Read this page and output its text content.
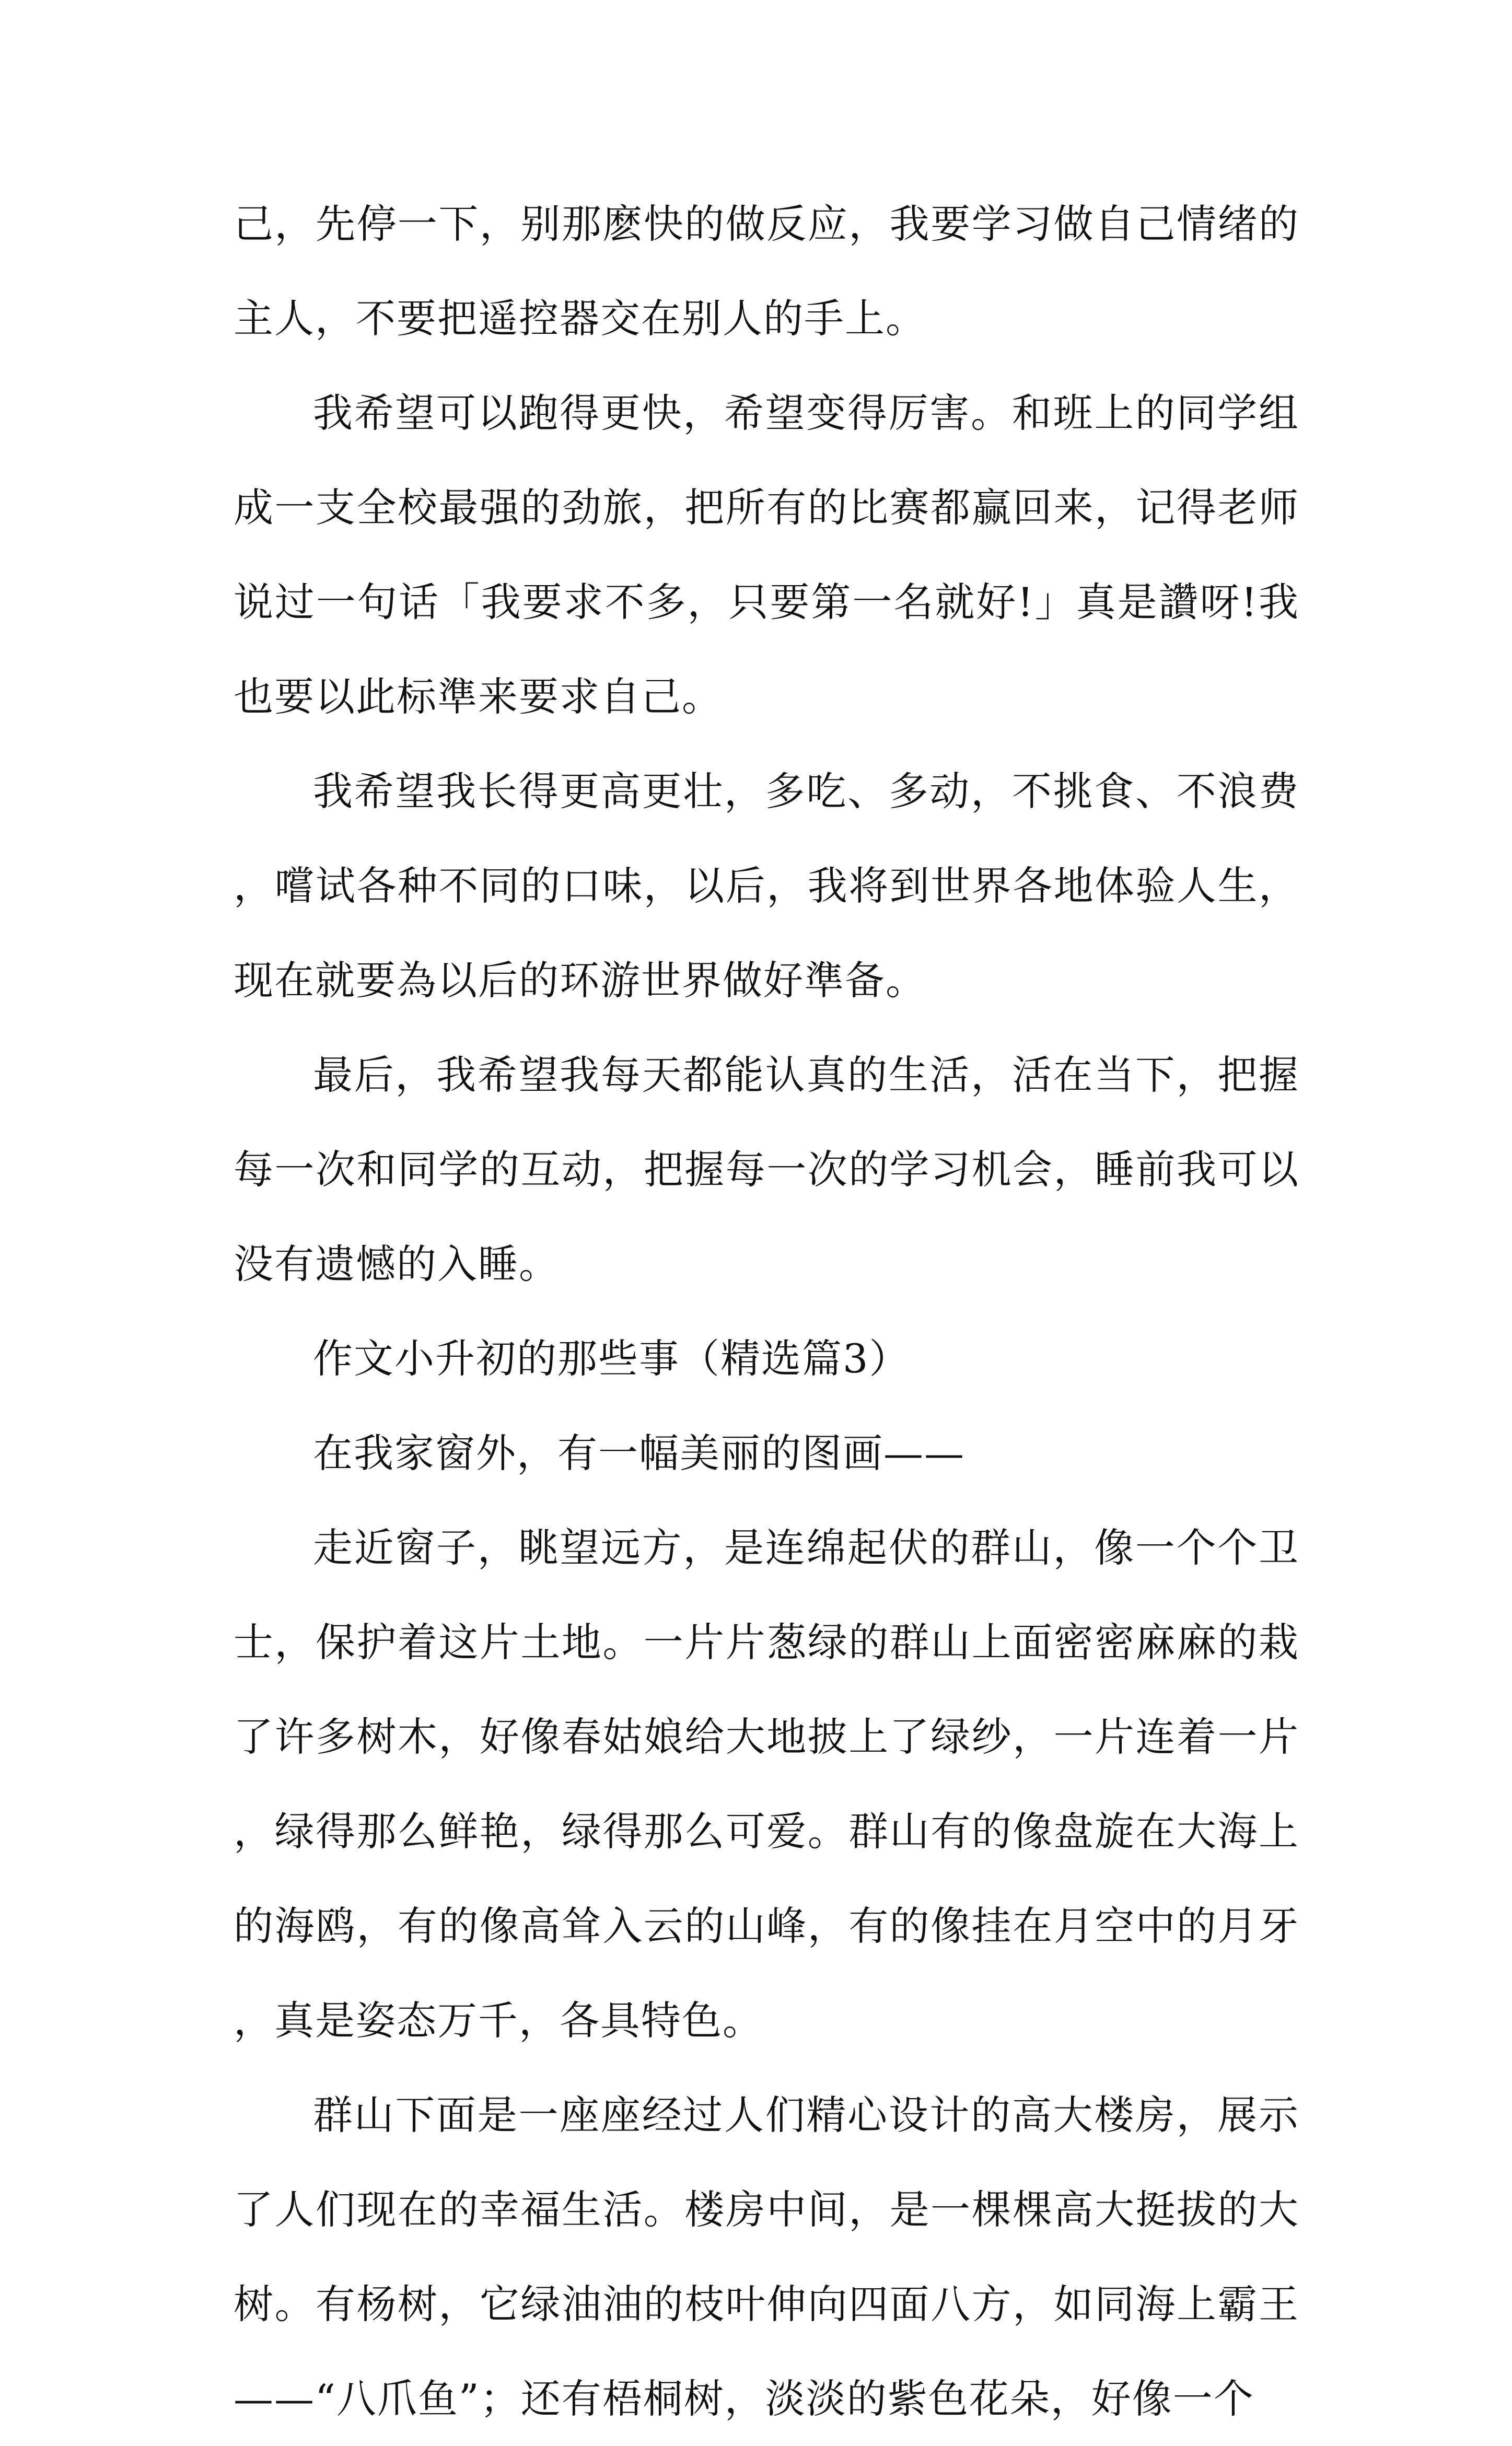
己，先停一下，别那麽快的做反应，我要学习做自己情绪的主人，不要把遥控器交在别人的手上。

我希望可以跑得更快，希望变得厉害。和班上的同学组成一支全校最强的劲旅，把所有的比赛都赢回来，记得老师说过一句话「我要求不多，只要第一名就好!」真是讚呀!我也要以此标準来要求自己。

我希望我长得更高更壮，多吃、多动，不挑食、不浪费，嚐试各种不同的口味，以后，我将到世界各地体验人生，现在就要為以后的环游世界做好準备。

最后，我希望我每天都能认真的生活，活在当下，把握每一次和同学的互动，把握每一次的学习机会，睡前我可以没有遗憾的入睡。

作文小升初的那些事（精选篇3）

在我家窗外，有一幅美丽的图画——

走近窗子，眺望远方，是连绵起伏的群山，像一个个卫士，保护着这片土地。一片片葱绿的群山上面密密麻麻的栽了许多树木，好像春姑娘给大地披上了绿纱，一片连着一片，绿得那么鲜艳，绿得那么可爱。群山有的像盘旋在大海上的海鸥，有的像高耸入云的山峰，有的像挂在月空中的月牙，真是姿态万千，各具特色。

群山下面是一座座经过人们精心设计的高大楼房，展示了人们现在的幸福生活。楼房中间，是一棵棵高大挺拔的大树。有杨树，它绿油油的枝叶伸向四面八方，如同海上霸王——“八爪鱼”；还有梧桐树，淡淡的紫色花朵，好像一个
